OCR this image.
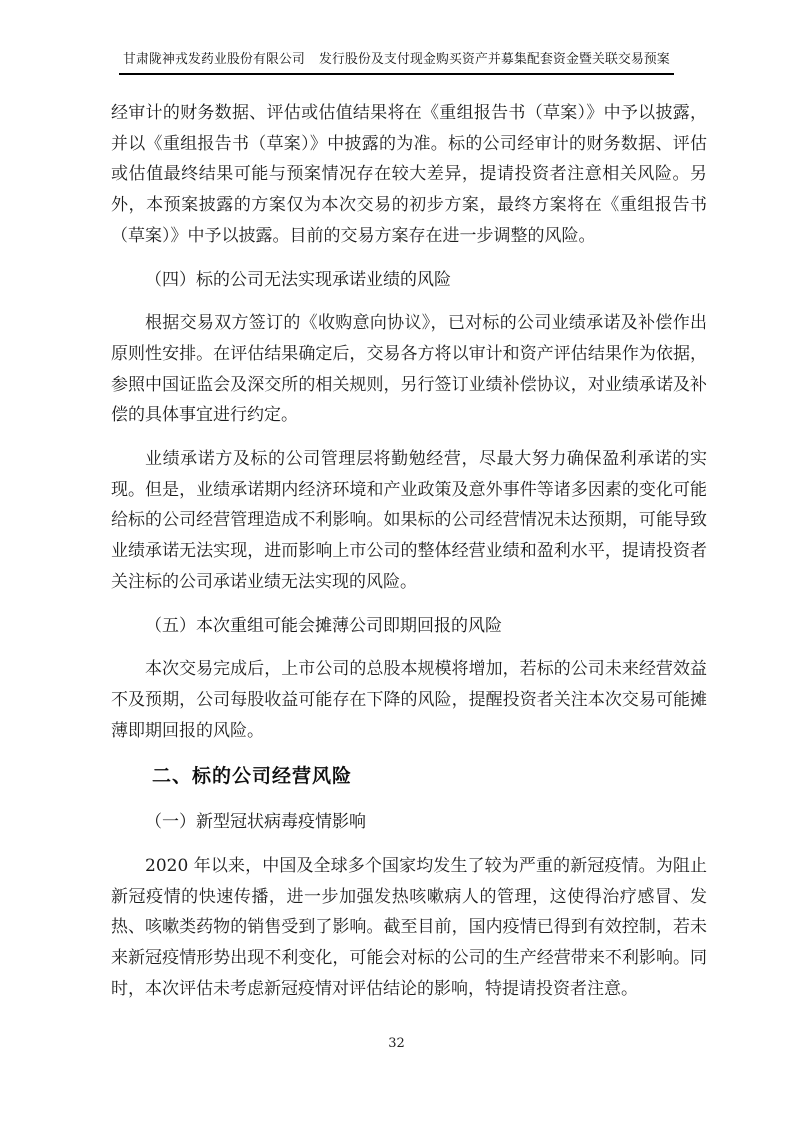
甘肃陇神戎发药业股份有限公司 发行股份及支付现金购买资产并募集配套资金暨关联交易预案

经审计的财务数据、评估或估值结果将在《重组报告书（草案）》中予以披露，并以《重组报告书（草案）》中披露的为准。标的公司经审计的财务数据、评估或估值最终结果可能与预案情况存在较大差异，提请投资者注意相关风险。另外，本预案披露的方案仅为本次交易的初步方案，最终方案将在《重组报告书（草案）》中予以披露。目前的交易方案存在进一步调整的风险。

（四）标的公司无法实现承诺业绩的风险

根据交易双方签订的《收购意向协议》，已对标的公司业绩承诺及补偿作出原则性安排。在评估结果确定后，交易各方将以审计和资产评估结果作为依据，参照中国证监会及深交所的相关规则，另行签订业绩补偿协议，对业绩承诺及补偿的具体事宜进行约定。

业绩承诺方及标的公司管理层将勤勉经营，尽最大努力确保盈利承诺的实现。但是，业绩承诺期内经济环境和产业政策及意外事件等诸多因素的变化可能给标的公司经营管理造成不利影响。如果标的公司经营情况未达预期，可能导致业绩承诺无法实现，进而影响上市公司的整体经营业绩和盈利水平，提请投资者关注标的公司承诺业绩无法实现的风险。

（五）本次重组可能会摊薄公司即期回报的风险

本次交易完成后，上市公司的总股本规模将增加，若标的公司未来经营效益不及预期，公司每股收益可能存在下降的风险，提醒投资者关注本次交易可能摊薄即期回报的风险。

二、标的公司经营风险

（一）新型冠状病毒疫情影响

2020 年以来，中国及全球多个国家均发生了较为严重的新冠疫情。为阻止新冠疫情的快速传播，进一步加强发热咳嗽病人的管理，这使得治疗感冒、发热、咳嗽类药物的销售受到了影响。截至目前，国内疫情已得到有效控制，若未来新冠疫情形势出现不利变化，可能会对标的公司的生产经营带来不利影响。同时，本次评估未考虑新冠疫情对评估结论的影响，特提请投资者注意。

32
